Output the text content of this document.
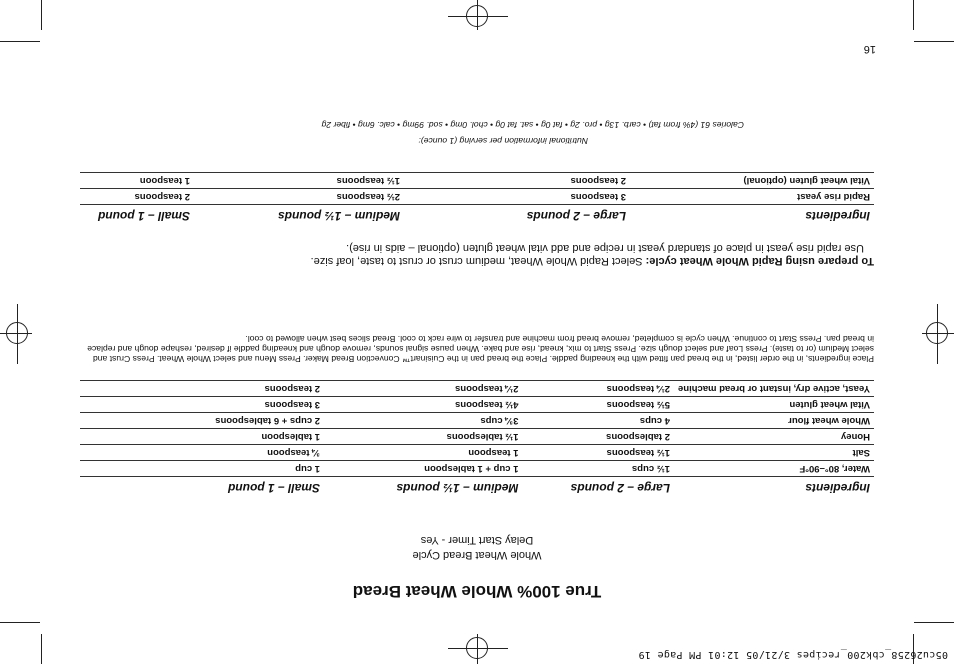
05cu26258_cbk200_recipes 3/21/05 12:01 PM Page 19
16
True 100% Whole Wheat Bread
Whole Wheat Bread Cycle
Delay Start Timer - Yes
Ingredients	Large – 2 pounds	Medium – 1½ pounds	Small – 1 pound
Water, 80°–90°F	1½ cups	1 cup + 1 tablespoon	1 cup
Salt	1½ teaspoons	1 teaspoon	¾ teaspoon
Honey	2 tablespoons	1½ tablespoons	1 tablespoon
Whole wheat flour	4 cups	3¾ cups	2 cups + 6 tablespoons
Vital wheat gluten	5½ teaspoons	4½ teaspoons	3 teaspoons
Yeast, active dry, instant or bread machine	2¼ teaspoons	2¼ teaspoons	2 teaspoons
Place ingredients, in the order listed, in the bread pan fitted with the kneading paddle. Place the bread pan in the Cuisinart™ Convection Bread Maker. Press Menu and select Whole Wheat. Press Crust and select Medium (or to taste). Press Loaf and select dough size. Press Start to mix, knead, rise and bake. When pause signal sounds, remove dough and kneading paddle if desired, reshape dough and replace in bread pan. Press Start to continue. When cycle is completed, remove bread from machine and transfer to wire rack to cool. Bread slices best when allowed to cool.
To prepare using Rapid Whole Wheat cycle: Select Rapid Whole Wheat, medium crust or crust to taste, loaf size.
Use rapid rise yeast in place of standard yeast in recipe and add vital wheat gluten (optional – aids in rise).
Ingredients	Large – 2 pounds	Medium – 1½ pounds	Small – 1 pound
Rapid rise yeast	3 teaspoons	2½ teaspoons	2 teaspoons
Vital wheat gluten (optional)	2 teaspoons	1½ teaspoons	1 teaspoon
Nutritional information per serving (1 ounce):
Calories 61 (4% from fat) • carb. 13g • pro. 2g • fat 0g • sat. fat 0g • chol. 0mg • sod. 99mg • calc. 6mg • fiber 2g
